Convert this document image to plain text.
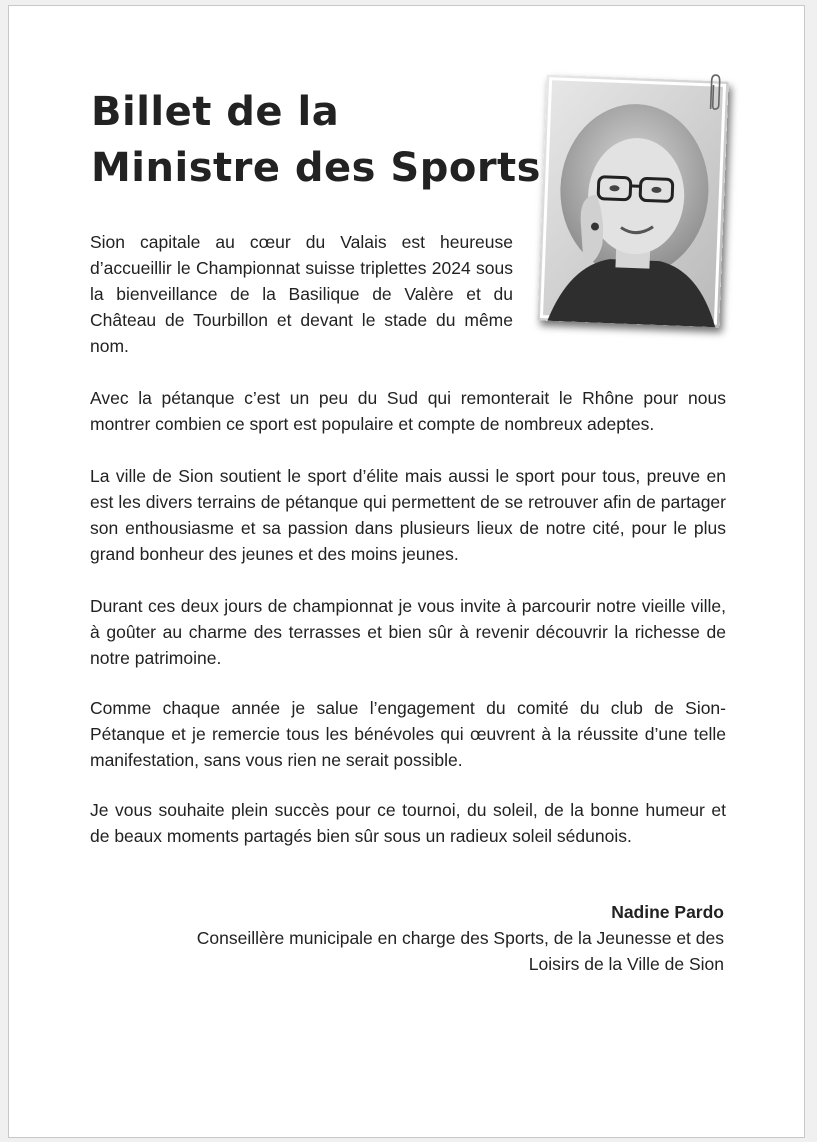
Billet de la
Ministre des Sports

Sion capitale au cœur du Valais est heureuse d’accueillir le Championnat suisse triplettes 2024 sous la bienveillance de la Basilique de Valère et du Château de Tourbillon et devant le stade du même nom.

Avec la pétanque c’est un peu du Sud qui remonterait le Rhône pour nous montrer combien ce sport est populaire et compte de nombreux adeptes.

La ville de Sion soutient le sport d’élite mais aussi le sport pour tous, preuve en est les divers terrains de pétanque qui permettent de se retrouver afin de partager son enthousiasme et sa passion dans plusieurs lieux de notre cité, pour le plus grand bonheur des jeunes et des moins jeunes.

Durant ces deux jours de championnat je vous invite à parcourir notre vieille ville, à goûter au charme des terrasses et bien sûr à revenir découvrir la richesse de notre patrimoine.

Comme chaque année je salue l’engagement du comité du club de Sion-Pétanque et je remercie tous les bénévoles qui œuvrent à la réussite d’une telle manifestation, sans vous rien ne serait possible.

Je vous souhaite plein succès pour ce tournoi, du soleil, de la bonne humeur et de beaux moments partagés bien sûr sous un radieux soleil sédunois.

Nadine Pardo
Conseillère municipale en charge des Sports, de la Jeunesse et des Loisirs de la Ville de Sion
